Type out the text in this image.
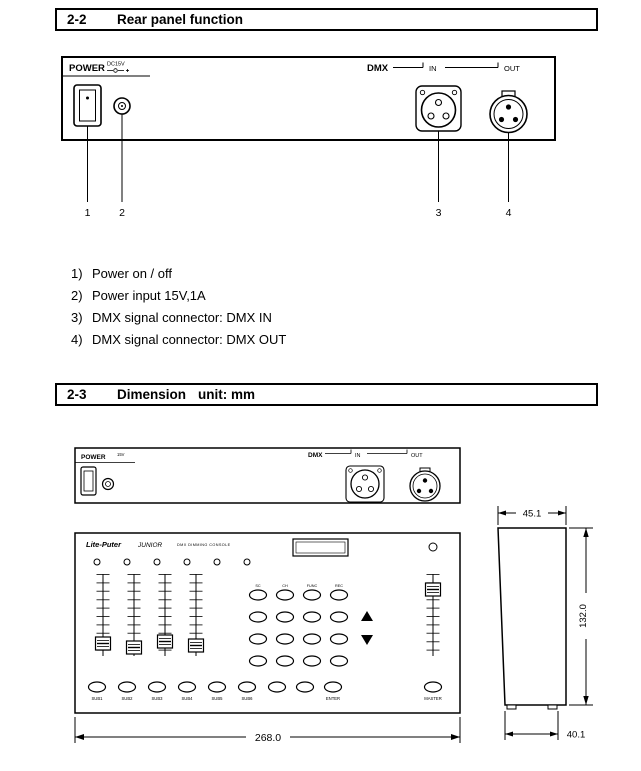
2-2	Rear panel function
POWER DC15V	DMX	IN	OUT
1	2	3	4
1) Power on / off
2) Power input 15V,1A
3) DMX signal connector: DMX IN
4) DMX signal connector: DMX OUT
2-3	Dimension unit: mm
POWER	15V	DMX	IN	OUT
Lite-Puter	JUNIOR	DMX DIMMING CONSOLE
SC	CH	FUNC	REC
SUB1	SUB2	SUB3	SUB4	SUB5	SUB6	ENTER	MASTER
268.0
45.1
132.0
40.1
